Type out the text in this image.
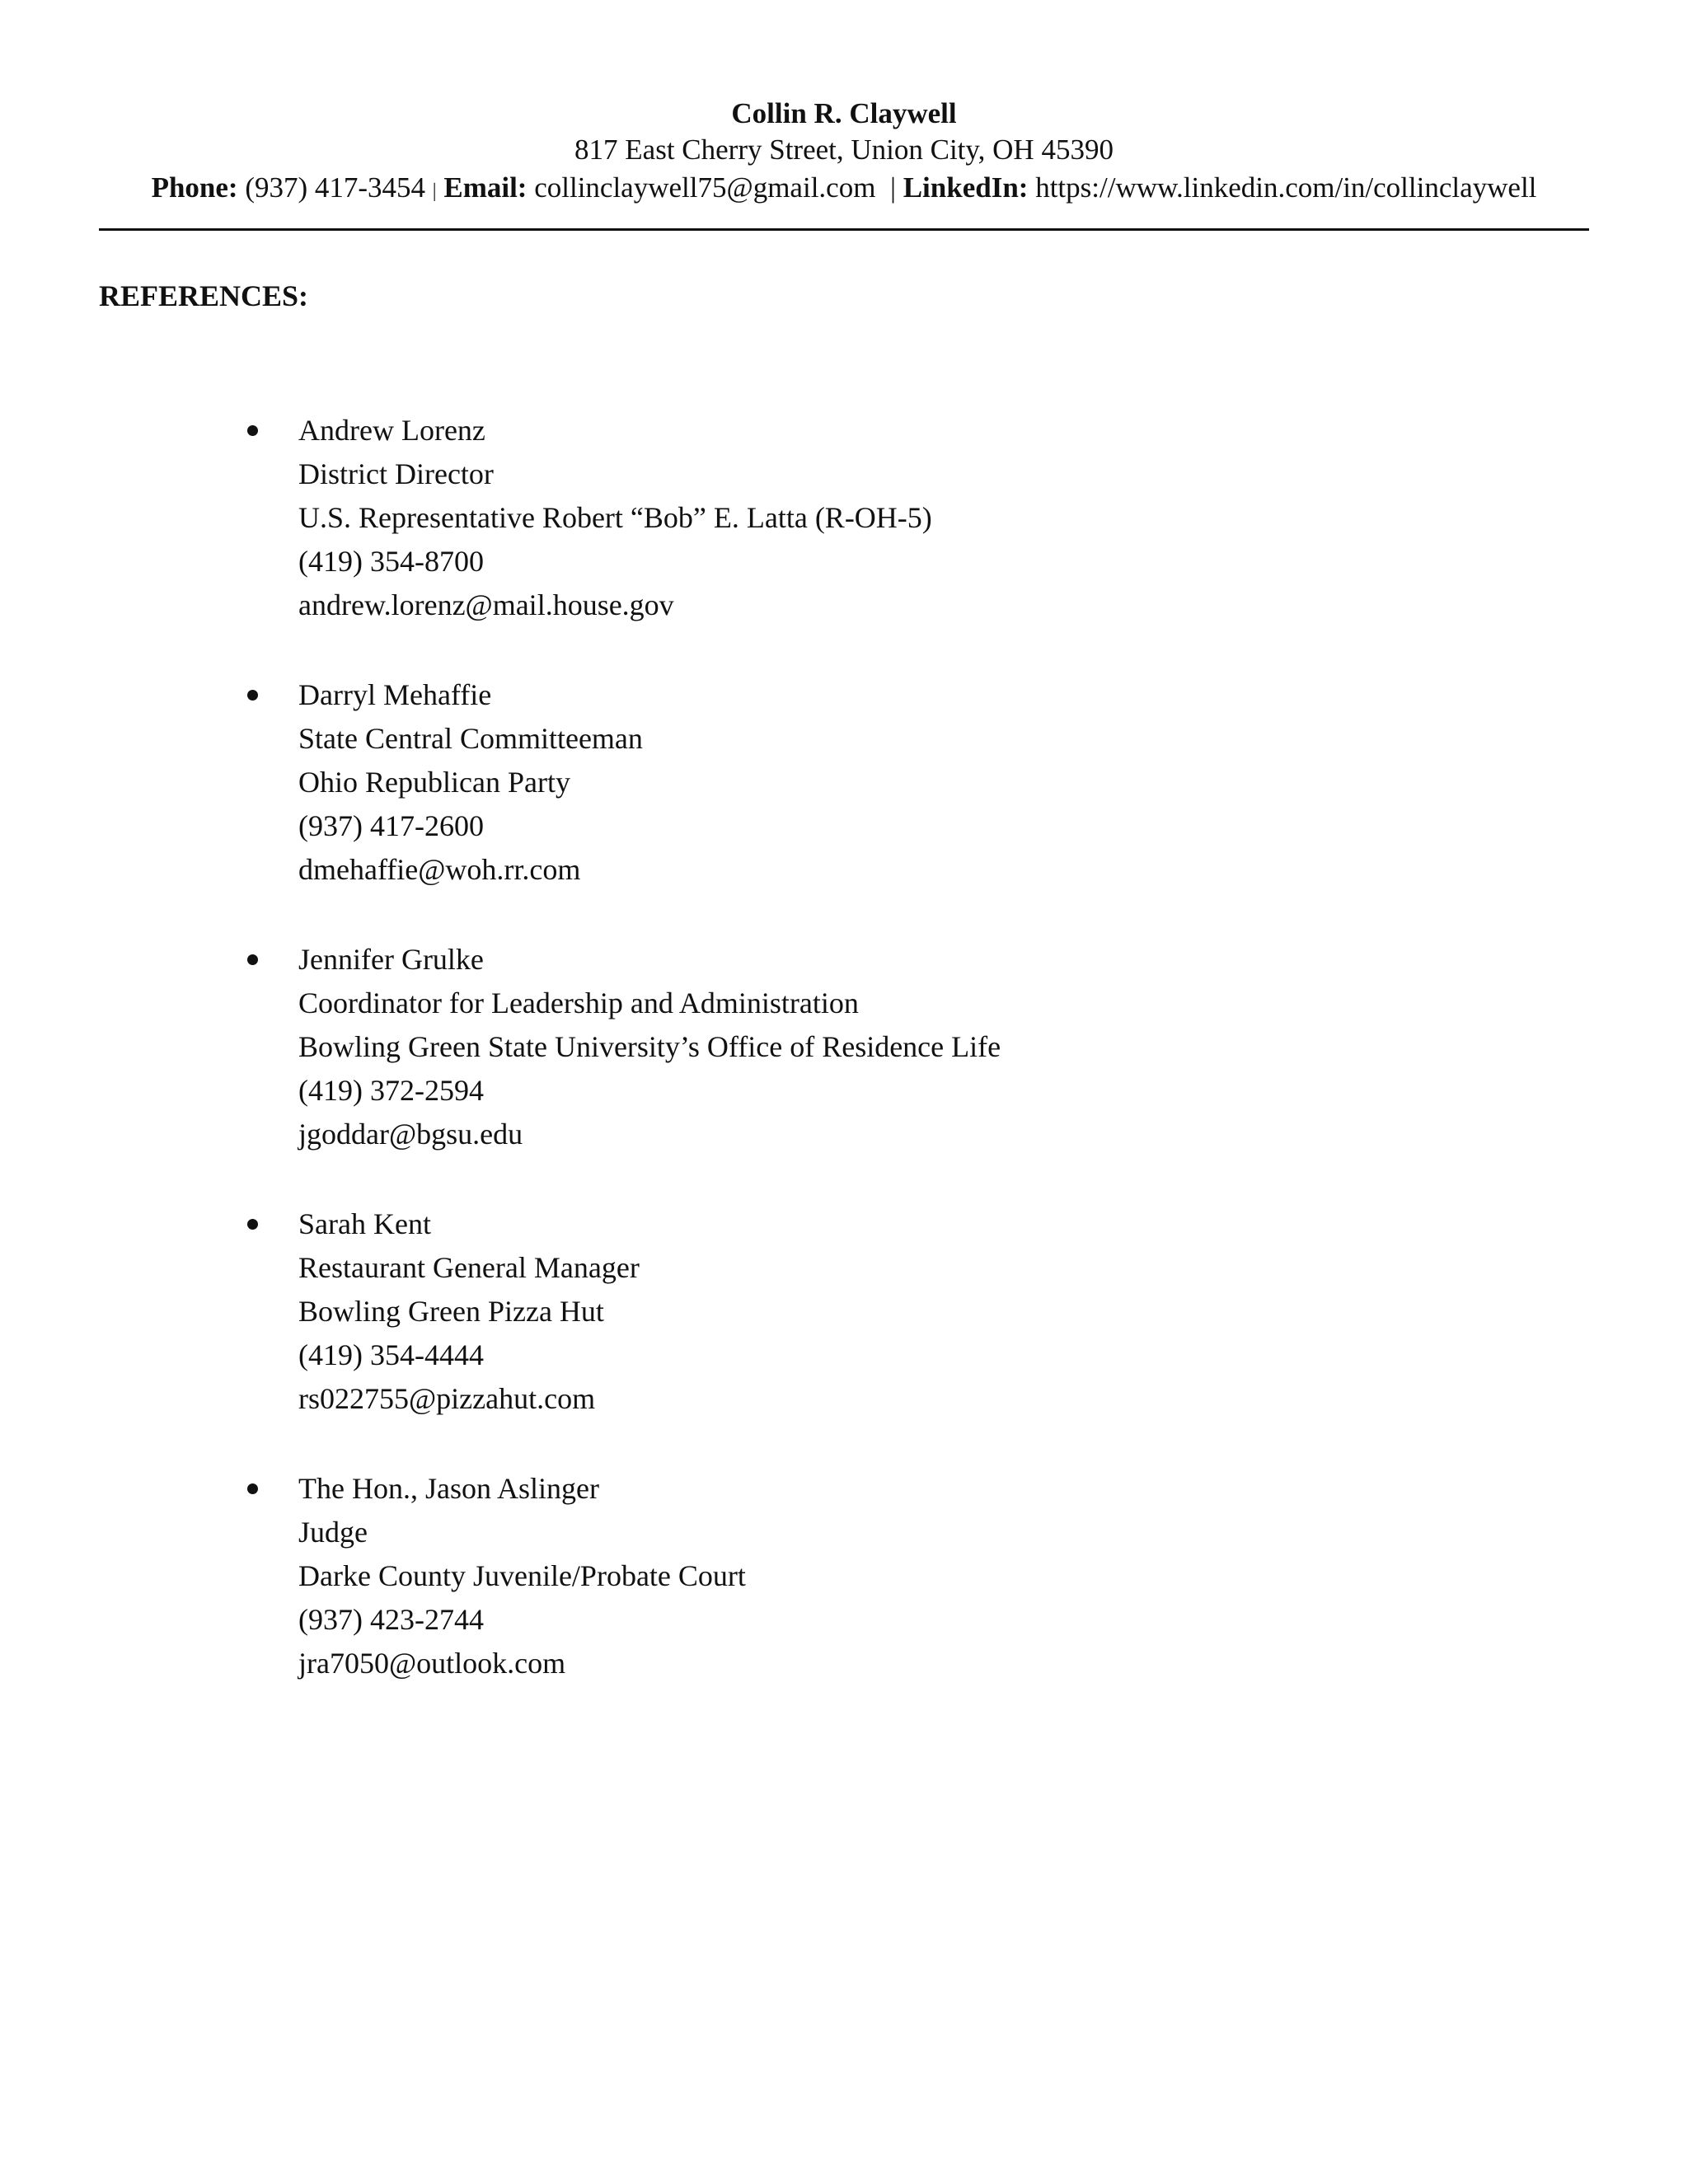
Collin R. Claywell
817 East Cherry Street, Union City, OH 45390
Phone: (937) 417-3454 | Email: collinclaywell75@gmail.com | LinkedIn: https://www.linkedin.com/in/collinclaywell
REFERENCES:
Andrew Lorenz
District Director
U.S. Representative Robert “Bob” E. Latta (R-OH-5)
(419) 354-8700
andrew.lorenz@mail.house.gov
Darryl Mehaffie
State Central Committeeman
Ohio Republican Party
(937) 417-2600
dmehaffie@woh.rr.com
Jennifer Grulke
Coordinator for Leadership and Administration
Bowling Green State University’s Office of Residence Life
(419) 372-2594
jgoddar@bgsu.edu
Sarah Kent
Restaurant General Manager
Bowling Green Pizza Hut
(419) 354-4444
rs022755@pizzahut.com
The Hon., Jason Aslinger
Judge
Darke County Juvenile/Probate Court
(937) 423-2744
jra7050@outlook.com
